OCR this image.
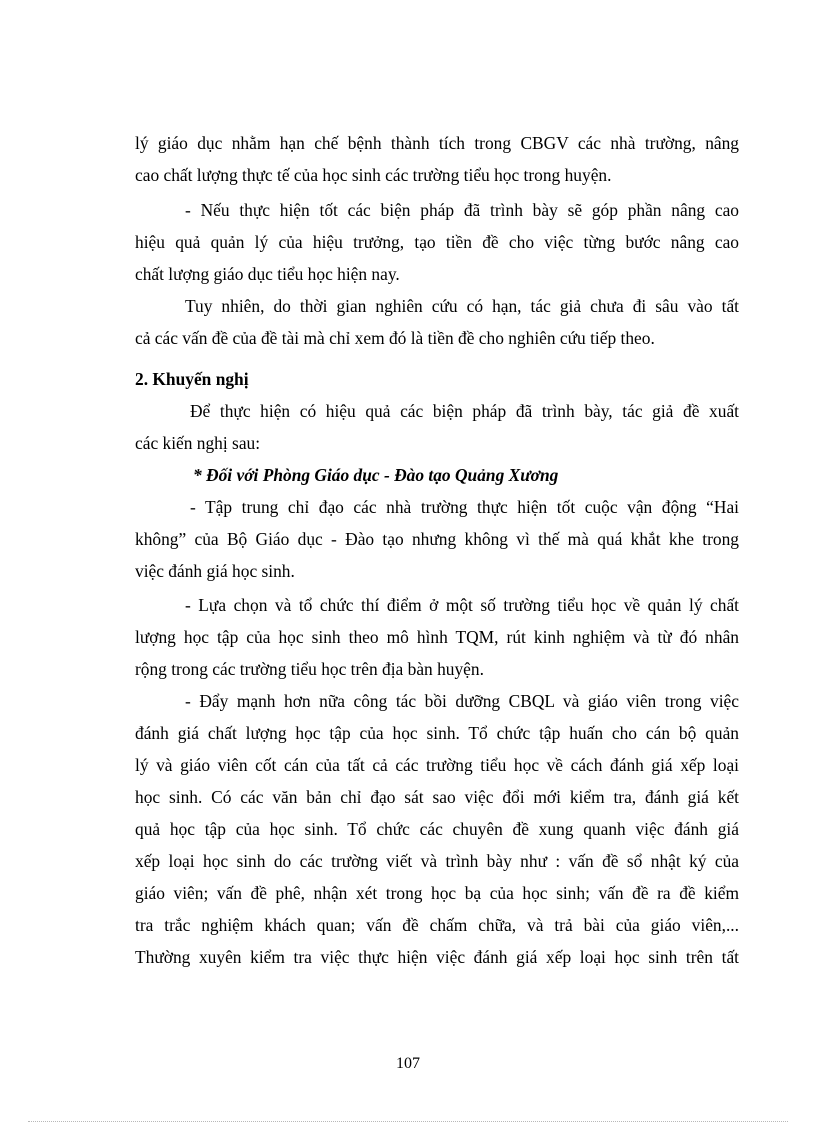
lý giáo dục nhằm hạn chế bệnh thành tích trong CBGV các nhà trường, nâng
cao chất lượng thực tế của học sinh các trường tiểu học trong huyện.
- Nếu thực hiện tốt các biện pháp đã trình bày sẽ góp phần nâng cao
hiệu quả quản lý của hiệu trưởng, tạo tiền đề cho việc từng bước nâng cao
chất lượng giáo dục tiểu học hiện nay.
Tuy nhiên, do thời gian nghiên cứu có hạn, tác giả chưa đi sâu vào tất
cả các vấn đề của đề tài mà chỉ xem đó là tiền đề cho nghiên cứu tiếp theo.
2. Khuyến nghị
Để thực hiện có hiệu quả các biện pháp đã trình bày, tác giả đề xuất
các kiến nghị sau:
* Đối với Phòng Giáo dục - Đào tạo Quảng Xương
- Tập trung chỉ đạo các nhà trường thực hiện tốt cuộc vận động “Hai
không” của Bộ Giáo dục - Đào tạo nhưng không vì thế mà quá khắt khe trong
việc đánh giá học sinh.
- Lựa chọn và tổ chức thí điểm ở một số trường tiểu học về quản lý chất
lượng học tập của học sinh theo mô hình TQM, rút kinh nghiệm và từ đó nhân
rộng trong các trường tiểu học trên địa bàn huyện.
- Đẩy mạnh hơn nữa công tác bồi dưỡng CBQL và giáo viên trong việc
đánh giá chất lượng học tập của học sinh. Tổ chức tập huấn cho cán bộ quản
lý và giáo viên cốt cán của tất cả các trường tiểu học về cách đánh giá xếp loại
học sinh. Có các văn bản chỉ đạo sát sao việc đổi mới kiểm tra, đánh giá kết
quả học tập của học sinh. Tổ chức các chuyên đề xung quanh việc đánh giá
xếp loại học sinh do các trường viết và trình bày như : vấn đề sổ nhật ký của
giáo viên; vấn đề phê, nhận xét trong học bạ của học sinh; vấn đề ra đề kiểm
tra trắc nghiệm khách quan; vấn đề chấm chữa, và trả bài của giáo viên,...
Thường xuyên kiểm tra việc thực hiện việc đánh giá xếp loại học sinh trên tất
107
